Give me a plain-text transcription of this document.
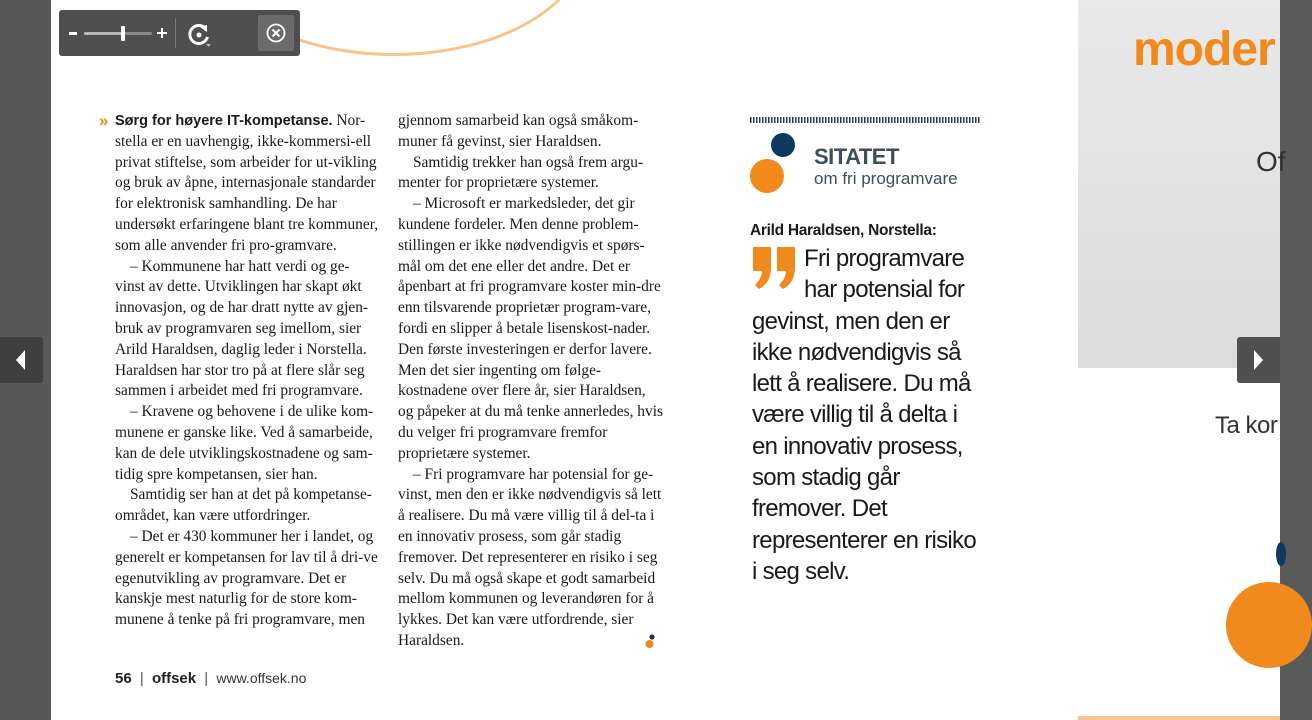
» Sørg for høyere IT-kompetanse. Nor-stella er en uavhengig, ikke-kommersi-ell privat stiftelse, som arbeider for ut-vikling og bruk av åpne, internasjonale standarder for elektronisk samhandling. De har undersøkt erfaringene blant tre kommuner, som alle anvender fri pro-gramvare.

– Kommunene har hatt verdi og ge-vinst av dette. Utviklingen har skapt økt innovasjon, og de har dratt nytte av gjen-bruk av programvaren seg imellom, sier Arild Haraldsen, daglig leder i Norstella. Haraldsen har stor tro på at flere slår seg sammen i arbeidet med fri programvare.

– Kravene og behovene i de ulike kom-munene er ganske like. Ved å samarbeide, kan de dele utviklingskostnadene og sam-tidig spre kompetansen, sier han.

Samtidig ser han at det på kompetanse-området, kan være utfordringer.

– Det er 430 kommuner her i landet, og generelt er kompetansen for lav til å dri-ve egenutvikling av programvare. Det er kanskje mest naturlig for de store kom-munene å tenke på fri programvare, men

gjennom samarbeid kan også småkom-muner få gevinst, sier Haraldsen.

Samtidig trekker han også frem argu-menter for proprietære systemer.

– Microsoft er markedsleder, det gir kundene fordeler. Men denne problem-stillingen er ikke nødvendigvis et spørs-mål om det ene eller det andre. Det er åpenbart at fri programvare koster min-dre enn tilsvarende proprietær program-vare, fordi en slipper å betale lisenskost-nader. Den første investeringen er derfor lavere. Men det sier ingenting om følge-kostnadene over flere år, sier Haraldsen, og påpeker at du må tenke annerledes, hvis du velger fri programvare fremfor proprietære systemer.

– Fri programvare har potensial for ge-vinst, men den er ikke nødvendigvis så lett å realisere. Du må være villig til å del-ta i en innovativ prosess, som går stadig fremover. Det representerer en risiko i seg selv. Du må også skape et godt samarbeid mellom kommunen og leverandøren for å lykkes. Det kan være utfordrende, sier Haraldsen.

56 | offsek | www.offsek.no
SITATET
om fri programvare
Arild Haraldsen, Norstella:
Fri programvare har potensial for gevinst, men den er ikke nødvendigvis så lett å realisere. Du må være villig til å delta i en innovativ prosess, som stadig går fremover. Det representerer en risiko i seg selv.
moder
Of
Ta kor
